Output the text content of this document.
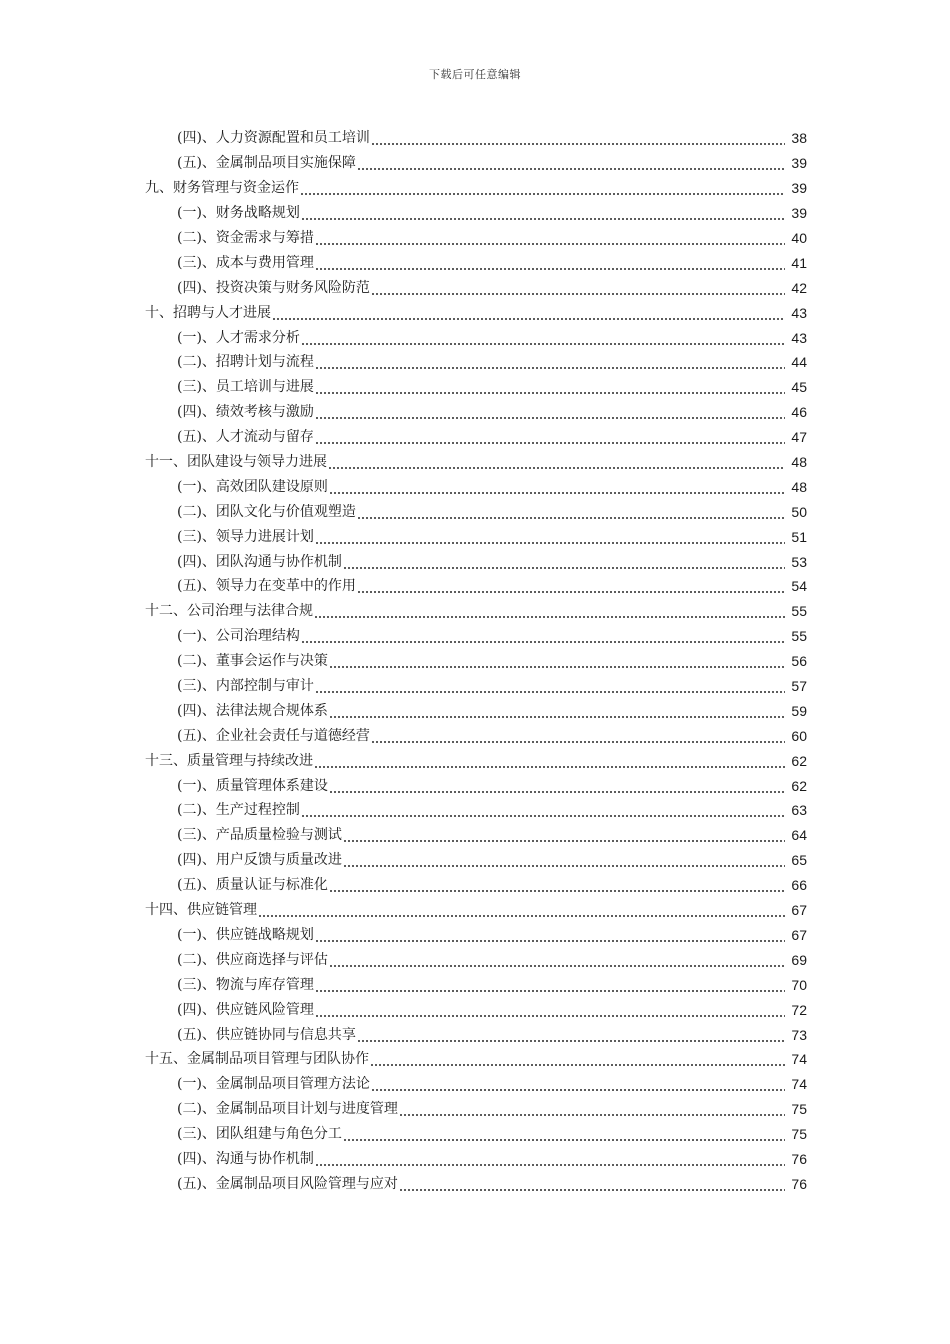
下载后可任意编辑
(四)、人力资源配置和员工培训	38
(五)、金属制品项目实施保障	39
九、财务管理与资金运作	39
(一)、财务战略规划	39
(二)、资金需求与筹措	40
(三)、成本与费用管理	41
(四)、投资决策与财务风险防范	42
十、招聘与人才进展	43
(一)、人才需求分析	43
(二)、招聘计划与流程	44
(三)、员工培训与进展	45
(四)、绩效考核与激励	46
(五)、人才流动与留存	47
十一、团队建设与领导力进展	48
(一)、高效团队建设原则	48
(二)、团队文化与价值观塑造	50
(三)、领导力进展计划	51
(四)、团队沟通与协作机制	53
(五)、领导力在变革中的作用	54
十二、公司治理与法律合规	55
(一)、公司治理结构	55
(二)、董事会运作与决策	56
(三)、内部控制与审计	57
(四)、法律法规合规体系	59
(五)、企业社会责任与道德经营	60
十三、质量管理与持续改进	62
(一)、质量管理体系建设	62
(二)、生产过程控制	63
(三)、产品质量检验与测试	64
(四)、用户反馈与质量改进	65
(五)、质量认证与标准化	66
十四、供应链管理	67
(一)、供应链战略规划	67
(二)、供应商选择与评估	69
(三)、物流与库存管理	70
(四)、供应链风险管理	72
(五)、供应链协同与信息共享	73
十五、金属制品项目管理与团队协作	74
(一)、金属制品项目管理方法论	74
(二)、金属制品项目计划与进度管理	75
(三)、团队组建与角色分工	75
(四)、沟通与协作机制	76
(五)、金属制品项目风险管理与应对	76
